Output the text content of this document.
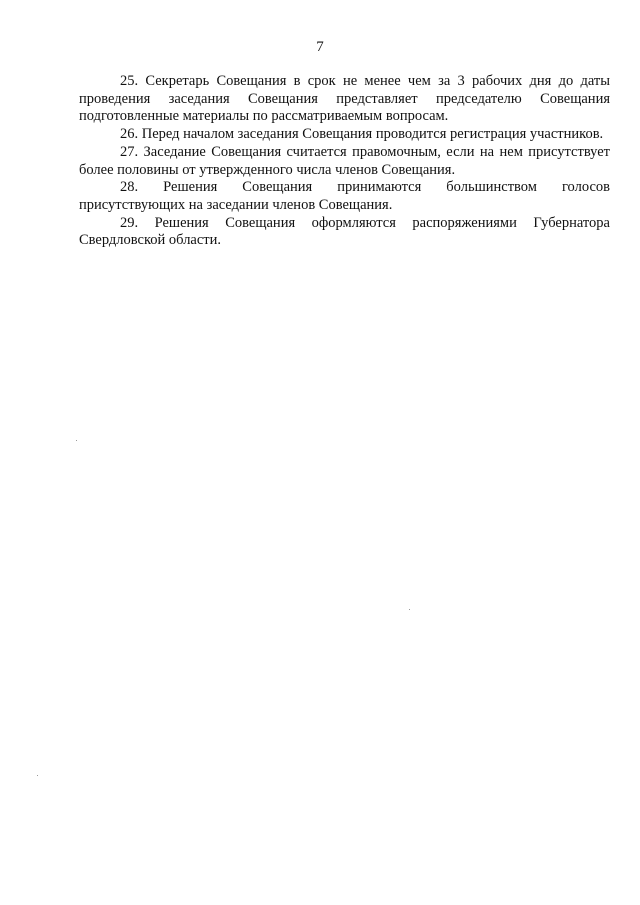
7

25. Секретарь Совещания в срок не менее чем за 3 рабочих дня до даты проведения заседания Совещания представляет председателю Совещания подготовленные материалы по рассматриваемым вопросам.

26. Перед началом заседания Совещания проводится регистрация участников.

27. Заседание Совещания считается правомочным, если на нем присутствует более половины от утвержденного числа членов Совещания.

28. Решения Совещания принимаются большинством голосов присутствующих на заседании членов Совещания.

29. Решения Совещания оформляются распоряжениями Губернатора Свердловской области.
